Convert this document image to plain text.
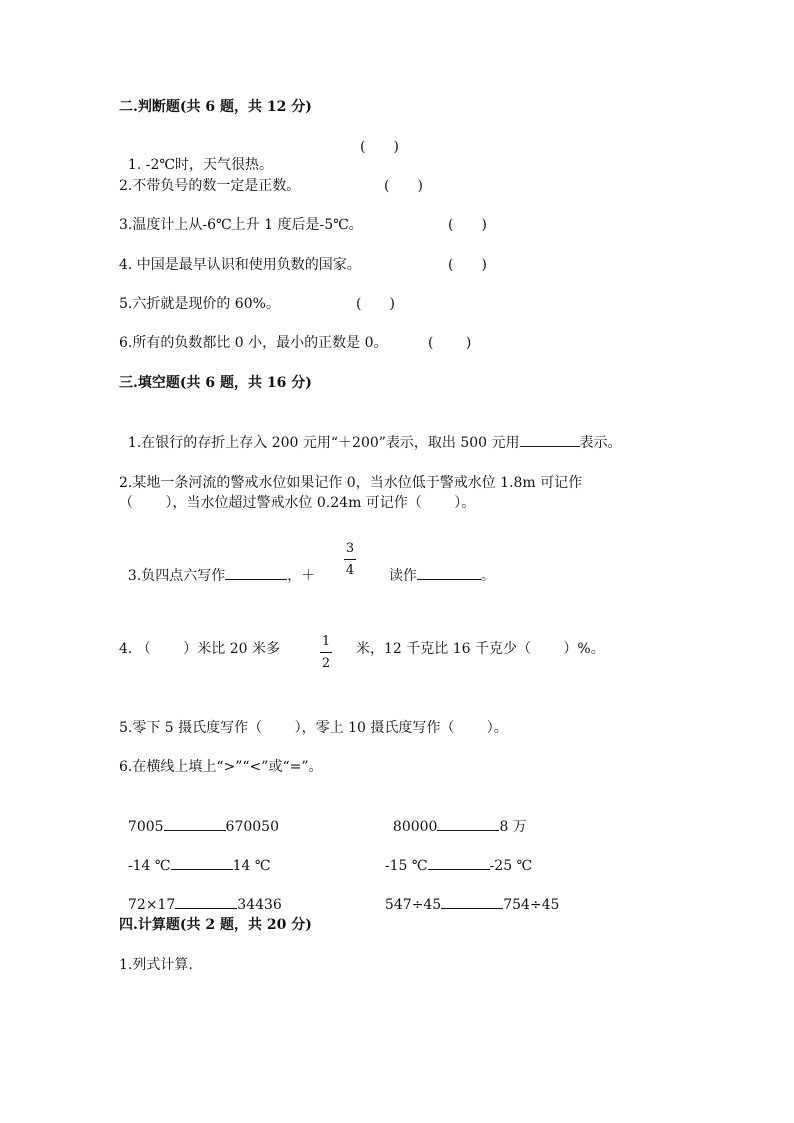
二.判断题(共 6 题，共 12 分)

1. -2℃时，天气很热。

(　　)
2.不带负号的数一定是正数。	(　　)
3.温度计上从-6℃上升 1 度后是-5℃。	(　　)
4. 中国是最早认识和使用负数的国家。	(　　)
5.六折就是现价的 60%。	(　　)
6.所有的负数都比 0 小，最小的正数是 0。	(　　 )
三.填空题(共 6 题，共 16 分)

1.在银行的存折上存入 200 元用“＋200”表示，取出 500 元用	表示。

2.某地一条河流的警戒水位如果记作 0，当水位低于警戒水位 1.8m 可记作
（　　 ），当水位超过警戒水位 0.24m 可记作（　　 ）。

3.负四点六写作	，＋

3
4	读作	。

4. （　　 ）米比 20 米多	1
2
米，12 千克比 16 千克少（　　 ）%。
5.零下 5 摄氏度写作（　　 ），零上 10 摄氏度写作（　　 ）。
6.在横线上填上“>”“<”或“=”。

7005	670050	80000	8 万

-14 ℃	14 ℃	-15 ℃	-25 ℃

72×17	34436	547÷45	754÷45

四.计算题(共 2 题，共 20 分)
1.列式计算.
